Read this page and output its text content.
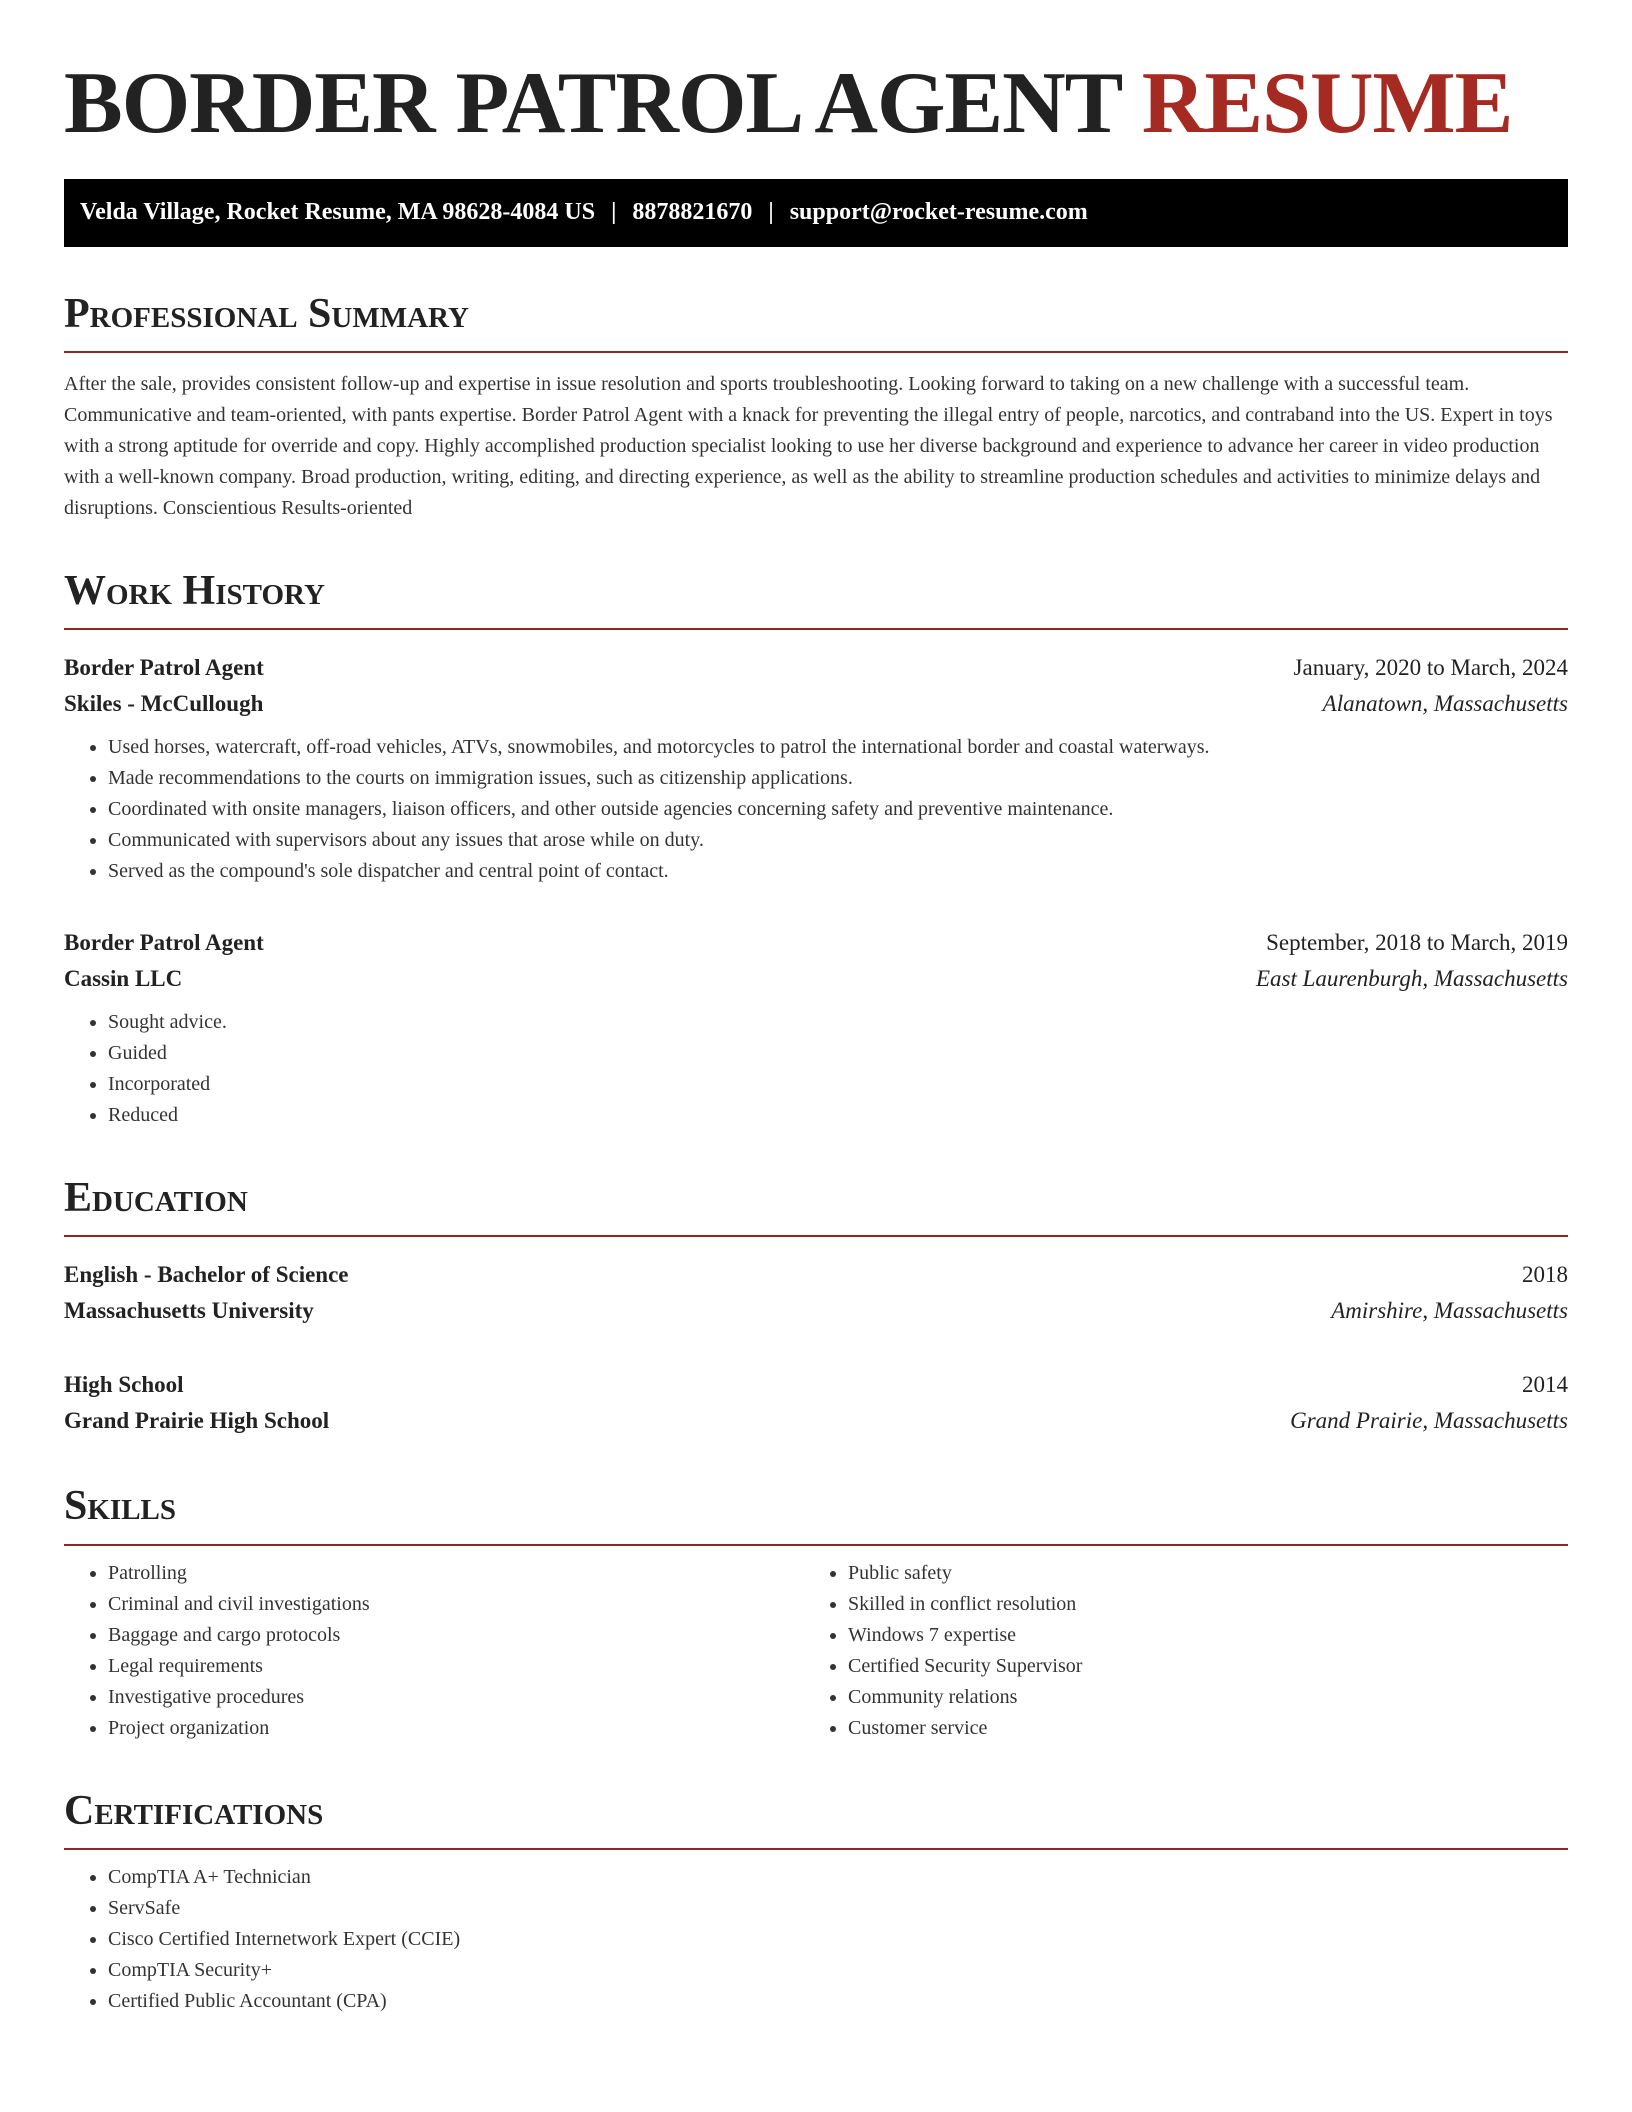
BORDER PATROL AGENT RESUME
Velda Village, Rocket Resume, MA 98628-4084 US | 8878821670 | support@rocket-resume.com
Professional Summary
After the sale, provides consistent follow-up and expertise in issue resolution and sports troubleshooting. Looking forward to taking on a new challenge with a successful team. Communicative and team-oriented, with pants expertise. Border Patrol Agent with a knack for preventing the illegal entry of people, narcotics, and contraband into the US. Expert in toys with a strong aptitude for override and copy. Highly accomplished production specialist looking to use her diverse background and experience to advance her career in video production with a well-known company. Broad production, writing, editing, and directing experience, as well as the ability to streamline production schedules and activities to minimize delays and disruptions. Conscientious Results-oriented
Work History
Border Patrol Agent	January, 2020 to March, 2024
Skiles - McCullough	Alanatown, Massachusetts
• Used horses, watercraft, off-road vehicles, ATVs, snowmobiles, and motorcycles to patrol the international border and coastal waterways.
• Made recommendations to the courts on immigration issues, such as citizenship applications.
• Coordinated with onsite managers, liaison officers, and other outside agencies concerning safety and preventive maintenance.
• Communicated with supervisors about any issues that arose while on duty.
• Served as the compound's sole dispatcher and central point of contact.
Border Patrol Agent	September, 2018 to March, 2019
Cassin LLC	East Laurenburgh, Massachusetts
• Sought advice.
• Guided
• Incorporated
• Reduced
Education
English - Bachelor of Science	2018
Massachusetts University	Amirshire, Massachusetts
High School	2014
Grand Prairie High School	Grand Prairie, Massachusetts
Skills
• Patrolling
• Criminal and civil investigations
• Baggage and cargo protocols
• Legal requirements
• Investigative procedures
• Project organization
• Public safety
• Skilled in conflict resolution
• Windows 7 expertise
• Certified Security Supervisor
• Community relations
• Customer service
Certifications
• CompTIA A+ Technician
• ServSafe
• Cisco Certified Internetwork Expert (CCIE)
• CompTIA Security+
• Certified Public Accountant (CPA)
